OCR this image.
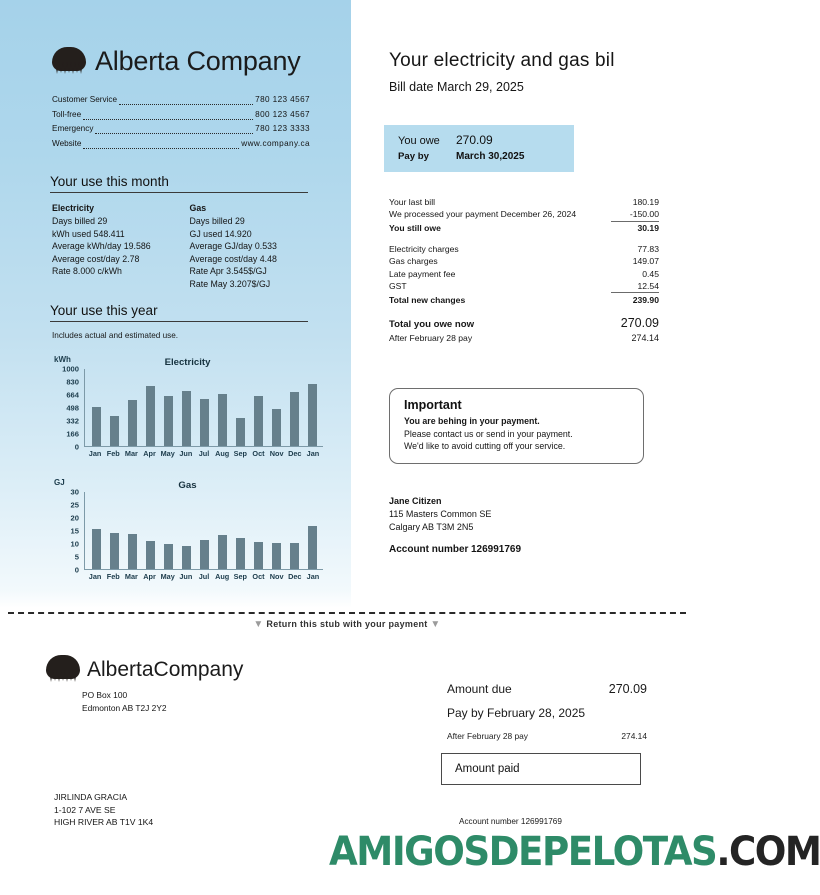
Alberta Company
Customer Service	780 123 4567
Toll-free	800 123 4567
Emergency	780 123 3333
Website	www.company.ca
Your use this month
Electricity
Days billed 29
kWh used 548.411
Average kWh/day 19.586
Average cost/day 2.78
Rate 8.000 c/kWh
Gas
Days billed 29
GJ used 14.920
Average GJ/day 0.533
Average cost/day 4.48
Rate Apr 3.545$/GJ
Rate May 3.207$/GJ
Your use this year
Includes actual and estimated use.
kWh	Electricity
0
166
332
498
664
830
1000
Jan Feb Mar Apr May Jun Jul Aug Sep Oct Nov Dec Jan
GJ	Gas
0
5
10
15
20
25
30
Jan Feb Mar Apr May Jun Jul Aug Sep Oct Nov Dec Jan
Your electricity and gas bil
Bill date March 29, 2025
You owe	270.09
Pay by	March 30,2025
Your last bill	180.19
We processed your payment December 26, 2024	-150.00
You still owe	30.19
Electricity charges	77.83
Gas charges	149.07
Late payment fee	0.45
GST	12.54
Total new changes	239.90
Total you owe now	270.09
After February 28 pay	274.14
Important

You are behing in your payment.

Please contact us or send in your payment.

We'd like to avoid cutting off your service.

Jane Citizen
115 Masters Common SE
Calgary AB T3M 2N5
Account number 126991769
▼ Return this stub with your payment ▼
AlbertaCompany
PO Box 100
Edmonton AB T2J 2Y2
Amount due	270.09
Pay by February 28, 2025
After February 28 pay	274.14
Amount paid
JIRLINDA GRACIA
1-102 7 AVE SE
HIGH RIVER AB T1V 1K4	Account number 126991769
AMIGOSDEPELOTAS.COM
